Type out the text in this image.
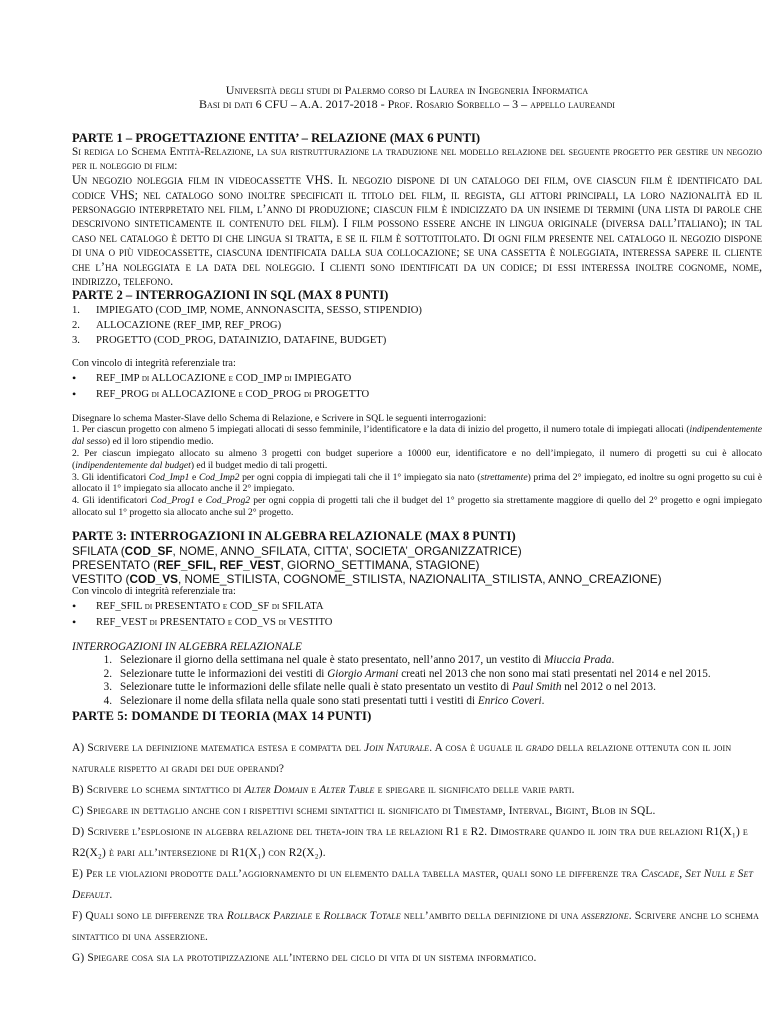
Università degli studi di Palermo corso di Laurea in Ingegneria Informatica
Basi di dati 6 CFU – A.A. 2017-2018 - Prof. Rosario Sorbello – 3 – appello laureandi

PARTE 1 – PROGETTAZIONE ENTITA’ – RELAZIONE (MAX 6 PUNTI)

Si rediga lo Schema Entità-Relazione, la sua ristrutturazione la traduzione nel modello relazione del seguente progetto per gestire un negozio per il noleggio di film:

Un negozio noleggia film in videocassette VHS. Il negozio dispone di un catalogo dei film, ove ciascun film è identificato dal codice VHS; nel catalogo sono inoltre specificati il titolo del film, il regista, gli attori principali, la loro nazionalità ed il personaggio interpretato nel film, l’anno di produzione; ciascun film è indicizzato da un insieme di termini (una lista di parole che descrivono sinteticamente il contenuto del film). I film possono essere anche in lingua originale (diversa dall’italiano); in tal caso nel catalogo è detto di che lingua si tratta, e se il film è sottotitolato. Di ogni film presente nel catalogo il negozio dispone di una o più videocassette, ciascuna identificata dalla sua collocazione; se una cassetta è noleggiata, interessa sapere il cliente che l’ha noleggiata e la data del noleggio. I clienti sono identificati da un codice; di essi interessa inoltre cognome, nome, indirizzo, telefono.

PARTE 2 – INTERROGAZIONI IN SQL (MAX 8 PUNTI)

1.	IMPIEGATO (COD_IMP, NOME, ANNONASCITA, SESSO, STIPENDIO)
2.	ALLOCAZIONE (REF_IMP, REF_PROG)
3.	PROGETTO (COD_PROG, DATAINIZIO, DATAFINE, BUDGET)

Con vincolo di integrità referenziale tra:

•
REF_IMP di ALLOCAZIONE e COD_IMP di IMPIEGATO
•
REF_PROG di ALLOCAZIONE e COD_PROG di PROGETTO

Disegnare lo schema Master-Slave dello Schema di Relazione, e Scrivere in SQL le seguenti interrogazioni:

1. Per ciascun progetto con almeno 5 impiegati allocati di sesso femminile, l’identificatore e la data di inizio del progetto, il numero totale di impiegati allocati (indipendentemente dal sesso) ed il loro stipendio medio.

2. Per ciascun impiegato allocato su almeno 3 progetti con budget superiore a 10000 eur, identificatore e no dell’impiegato, il numero di progetti su cui è allocato (indipendentemente dal budget) ed il budget medio di tali progetti.

3. Gli identificatori Cod_Imp1 e Cod_Imp2 per ogni coppia di impiegati tali che il 1° impiegato sia nato (strettamente) prima del 2° impiegato, ed inoltre su ogni progetto su cui è allocato il 1° impiegato sia allocato anche il 2° impiegato.

4. Gli identificatori Cod_Prog1 e Cod_Prog2 per ogni coppia di progetti tali che il budget del 1° progetto sia strettamente maggiore di quello del 2° progetto e ogni impiegato allocato sul 1° progetto sia allocato anche sul 2° progetto.

PARTE 3: INTERROGAZIONI IN ALGEBRA RELAZIONALE (MAX 8 PUNTI)

SFILATA (COD_SF, NOME, ANNO_SFILATA, CITTA’, SOCIETA’_ORGANIZZATRICE)

PRESENTATO (REF_SFIL, REF_VEST, GIORNO_SETTIMANA, STAGIONE)

VESTITO (COD_VS, NOME_STILISTA, COGNOME_STILISTA, NAZIONALITA_STILISTA, ANNO_CREAZIONE)

Con vincolo di integrità referenziale tra:

•
REF_SFIL di PRESENTATO e COD_SF di SFILATA
•
REF_VEST di PRESENTATO e COD_VS di VESTITO

INTERROGAZIONI IN ALGEBRA RELAZIONALE

1. Selezionare il giorno della settimana nel quale è stato presentato, nell’anno 2017, un vestito di Miuccia Prada.
2. Selezionare tutte le informazioni dei vestiti di Giorgio Armani creati nel 2013 che non sono mai stati presentati nel 2014 e nel 2015.
3. Selezionare tutte le informazioni delle sfilate nelle quali è stato presentato un vestito di Paul Smith nel 2012 o nel 2013.
4. Selezionare il nome della sfilata nella quale sono stati presentati tutti i vestiti di Enrico Coveri.

PARTE 5: DOMANDE DI TEORIA (MAX 14 PUNTI)

A) Scrivere la definizione matematica estesa e compatta del Join Naturale. A cosa è uguale il grado della relazione ottenuta con il join naturale rispetto ai gradi dei due operandi?

B) Scrivere lo schema sintattico di Alter Domain e Alter Table e spiegare il significato delle varie parti.

C) Spiegare in dettaglio anche con i rispettivi schemi sintattici il significato di Timestamp, Interval, Bigint, Blob in SQL.

D) Scrivere l’esplosione in algebra relazione del theta-join tra le relazioni R1 e R2. Dimostrare quando il join tra due relazioni R1(X₁) e R2(X₂) è pari all’intersezione di R1(X₁) con R2(X₂).

E) Per le violazioni prodotte dall’aggiornamento di un elemento dalla tabella master, quali sono le differenze tra Cascade, Set Null e Set Default.

F) Quali sono le differenze tra Rollback Parziale e Rollback Totale nell’ambito della definizione di una asserzione. Scrivere anche lo schema sintattico di una asserzione.

G) Spiegare cosa sia la prototipizzazione all’interno del ciclo di vita di un sistema informatico.
